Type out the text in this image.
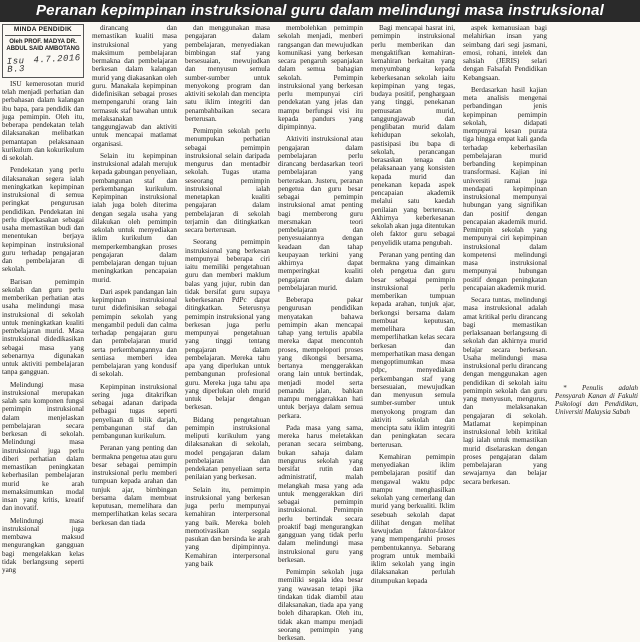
Peranan kepimpinan instruksional guru dalam melindungi masa instruksional
MINDA PENDIDIK
Oleh PROF. MADYA DR.
ABDUL SAID AMBOTANG
Isu 4.7.2016 B.3

ISU kemerosotan murid telah menjadi perhatian dan perbahasan dalam kalangan ibu bapa, para pendidik dan juga pemimpin. Oleh itu, beberapa pendekatan telah dilaksanakan melibatkan pemantapan pelaksanaan kurikulum dan kokurikulum di sekolah.

Pendekatan yang perlu dilaksanakan segera ialah meningkatkan kepimpinan instruksional di semua peringkat pengurusan pendidikan. Pendekatan ini perlu diperkasakan sebagai usaha memastikan budi dan menentukan berjaya kepimpinan instruksional guru terhadap pengajaran dan pembelajaran di sekolah.

Barisan pemimpin sekolah dan guru perlu memberikan perhatian atas usaha melindungi masa instruksional di sekolah untuk meningkatkan kualiti pembelajaran murid. Masa instruksional didedikasikan sebagai masa yang sebenarnya digunakan untuk aktiviti pembelajaran tanpa gangguan.

Melindungi masa instruksional merupakan salah satu komponen fungsi pemimpin instruksional dalam menjelaskan pembelajaran secara berkesan di sekolah. Melindungi masa instruksional juga perlu diberi perhatian dalam memastikan peningkatan keberhasilan pembelajaran murid ke arah memaksimumkan modal insan yang kritis, kreatif dan inovatif.

Melindungi masa instruksional juga membawa maksud mengurangkan gangguan bagi mengelakkan kelas tidak berlangsung seperti yang

dirancang dan memastikan kualiti masa instruksional yang maksimum pembelajaran bermakna dan pembelajaran berkesan dalam kalangan murid yang diakasankan oleh guru. Manakala kepimpinan didefinisikan sebagai proses mempengaruhi orang lain termasuk staf bawahan untuk melaksanakan tanggungjawab dan aktiviti untuk mencapai matlamat organisasi.

Selain itu kepimpinan instruksional adalah merujuk kepada gabungan penyeliaan, pembangunan staf dan perkembangan kurikulum. Kepimpinan instruksional ialah juga boleh diterima dengan segala usaha yang dilakukan oleh pemimpin sekolah untuk menyediakan iklim kurikulum dan memperkembangkan proses pengajaran dalam pembelajaran dengan tujuan meningkatkan pencapaian murid.

Dari aspek pandangan lain kepimpinan instruksional turut didefinisikan sebagai pemimpin sekolah yang mengambil peduli dan calma terhadap pengajaran guru dan pembelajaran murid serta perkembangannya dan sentiasa memberi idea pembelajaran yang kondusif di sekolah.

Kepimpinan instruksional sering juga ditakrifkan sebagai adanan daripada pelbagai tugas seperti penyeliaan di bilik darjah, pembangunan staf dan pembangunan kurikulum.

Peranan yang penting dan bermakna pengetua atau guru besar sebagai pemimpin instruksional perlu memberi tumpuan kepada arahan dan tunjuk ajar, bimbingan bersama dalam membuat keputusan, memelihara dan memperlihatkan kelas secara berkesan dan tiada

dan menggunakan masa pengajaran dalam pembelajaran, menyediakan bimbingan staf yang bersesuaian, mewujudkan dan menyusun semula sumber-sumber untuk menyokong program dan aktiviti sekolah dan mencipta satu iklim integriti dan penambahbaikan secara berterusan.

Pemimpin sekolah perlu menumpukan perhatian sebagai pemimpin instruksional selain daripada mengurus dan mentadbir sekolah. Tugas utama seseorang pemimpin instruksional ialah menetapkan kualiti pengajaran dalam pembelajaran di sekolah terjamin dan ditingkatkan secara berterusan.

Seorang pemimpin instruksional yang berkesan mempunyai beberapa ciri iaitu memiliki pengetahuan guru dan memberi maklum balas yang jujur, rubin dan tidak bersifat guru supaya keberkesanan PdPc dapat ditingkatkan. Seterusnya pemimpin instruksional yang berkesan juga perlu mempunyai pengetahuan yang tinggi tentang pengajaran dalam pembelajaran. Mereka tahu apa yang diperlukan untuk pembangunan profesional guru. Mereka juga tahu apa yang diperlukan oleh murid untuk belajar dengan berkesan.

Bidang pengetahuan pemimpin instruksional meliputi kurikulum yang dilaksanakan di sekolah, model pengajaran dalam pembelajaran dan pendekatan penyeliaan serta penilaian yang berkesan.

Selain itu, pemimpin instruksional yang berkesan juga perlu mempunyai kemahiran interpersonal yang baik. Mereka boleh memotivasikan segala pasukan dan bersinda ke arah yang dipimpinnya. Kemahiran interpersonal yang baik

membolehkan pemimpin sekolah menjadi, menberi rangsangan dan mewujudkan komunikasi yang berkesan secara pengaruh sepanjakan dalam semua bahagian sekolah. Pemimpin instruksional yang berkesan perlu mempunyai ciri pendekatan yang jelas dan mampu berfungsi visi itu kepada pandurs yang dipimpinnya.

Aktiviti instruksional atau pengajaran dalam pembelajaran perlu dirancang berdasarkan teori pembelajaran yang berteraskan. Justeru, peranan pengetua dan guru besar sebagai pemimpin instruksional amat penting bagi memberong guru mersmakan teori pembelajaran dan penyesuaiannya dengan keadaan dan tahap keupayaan terkini yang akhirnya dapat memperingkat kualiti pengajaran dalam pembelajaran murid.

Beberapa pakar pengurusan pendidikan menyatakan bahawa pemimpin akan mencapai tahap yang tertulis apabila mereka dapat mencontoh proses, mempelopori proses yang dikongsi bersama, bertanya menggerakkan orang lain untuk bertindak, menjadi model serta pemandu jalan, bahkan mampu menggerakkan hati untuk berjaya dalam semua perkara.

Pada masa yang sama, mereka harus meletakkan peranan secara seimbang, bukan sahaja dalam mengurus sekolah yang bersifat rutin dan administratif, malah melangkah masa yang ada untuk menggerakkan diri sebagai pemimpin instruksional. Pemimpin perlu bertindak secara proaktif bagi mengurangkan gangguan yang tidak perlu dalam melindungi masa instruksional guru yang berkesan.

Pemimpin sekolah juga memiliki segala idea besar yang wawasan tetapi jika tindakan tidak diambil atau dilaksanakan, tiada apa yang boleh diharapkan. Oleh itu, tidak akan mampu menjadi seorang pemimpin yang berkesan.

Bagi mencapai hasrat ini, pemimpin instruksional perlu memberikan dan mengaktifkan kemahiran-kemahiran berkaitan yang menyumbang kepada keberkesanan sekolah iaitu kepimpinan yang tegas, budaya positif, penghargaan yang tinggi, penekanan pemusatan murid, tanggungjawab dan penglibatan murid dalam kehidupan sekolah, pastisipasi ibu bapa di sekolah, perancangan berasaskan tenaga dan pelaksanaan yang konsisten kepada murid dan penekanan kepada aspek pencapaian akademik melalui satu kaedah penilaian yang berterusan. Akhirnya keberkesanan sekolah akan juga ditentukan oleh faktor guru sebagai penyelidik utama pengubah.

Peranan yang penting dan bermakna yang dimainkan oleh pengetua dan guru besar sebagai pemimpin instruksional perlu memberikan tumpuan kepada arahan, tunjuk ajar, berkongsi bersama dalam membuat keputusan, memelihara dan memperlihatkan kelas secara berkesan dan memperhatikan masa dengan mengoptimumkan masa pdpc, menyediakan perkembangan staf yang bersesuaian, mewujudkan dan menyusun semula sumber-sumber untuk menyokong program dan aktiviti sekolah dan mencipta satu iklim integriti dan peningkatan secara berterusan.

Kemahiran pemimpin menyediakan iklim pembelajaran positif dan mengawal waktu pdpc mampu menghasilkan sekolah yang cemerlang dan murid yang berkualiti. Iklim sesebuah sekolah dapat dilihat dengan melihat kewujudan faktor-faktor yang mempengaruhi proses pembentukannya. Sebarang program untuk membaiki iklim sekolah yang ingin dilaksanakan perlulah ditumpukan kepada

aspek kemanusiaan bagi melahirkan insan yang seimbang dari segi jasmani, emosi, rohani, intelek dan sahsiah (JERIS) selari dengan Falsafah Pendidikan Kebangsaan.

Berdasarkan hasil kajian meta analisis mengenai perbandingan jenis kepimpinan pemimpin sekolah, didapati mempunyai kesan purata tiga hingga empat kali ganda terhadap keberhasilan pembelajaran murid berbanding kepimpinan transformasi. Kajian ini universiti ramai juga mendapati kepimpinan instruksional mempunyai hubungan yang signifikan dan positif dengan pencapaian akademik murid. Pemimpin sekolah yang mempunyai ciri kepimpinan instruksional dalam kompetensi melindungi masa instruksional mempunyai hubungan positif dengan peningkatan pencapaian akademik murid.

Secara tuntas, melindungi masa instruksional adalah amat kritikal perlu dirancang bagi memastikan perlaksanaan berlangsung di sekolah dan akhirnya murid belajar secara berkesan. Usaha melindungi masa instruksional perlu dirancang dengan menggunakan agen pendidikan di sekolah iaitu pemimpin sekolah dan guru yang menyusun, mengurus, dan melaksanakan pengajaran di sekolah. Matlamat kepimpinan instruksional lebih kritikal lagi ialah untuk memastikan murid diselaraskan dengan proses pengajaran dalam pembelajaran yang sewajarnya dan belajar secara berkesan.

* Penulis adalah Pensyarah Kanan di Fakulti Psikologi dan Pendidikan, Universiti Malaysia Sabah
